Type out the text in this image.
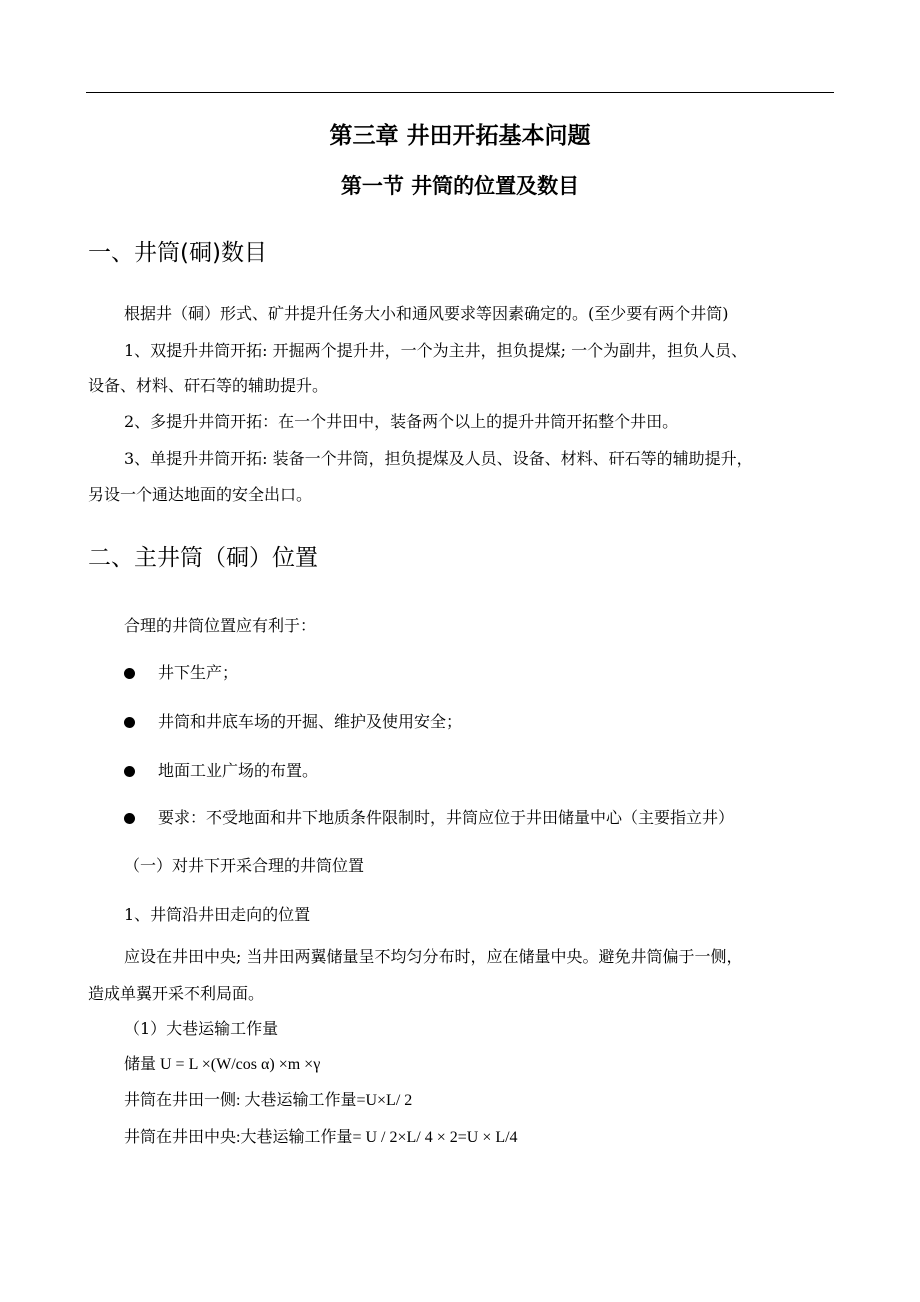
第三章 井田开拓基本问题
第一节 井筒的位置及数目
一、井筒(硐)数目
根据井（硐）形式、矿井提升任务大小和通风要求等因素确定的。(至少要有两个井筒)
1、双提升井筒开拓: 开掘两个提升井，一个为主井，担负提煤; 一个为副井，担负人员、
设备、材料、矸石等的辅助提升。
2、多提升井筒开拓：在一个井田中，装备两个以上的提升井筒开拓整个井田。
3、单提升井筒开拓: 装备一个井筒，担负提煤及人员、设备、材料、矸石等的辅助提升，
另设一个通达地面的安全出口。
二、主井筒（硐）位置
合理的井筒位置应有利于：
井下生产；
井筒和井底车场的开掘、维护及使用安全；
地面工业广场的布置。
要求：不受地面和井下地质条件限制时，井筒应位于井田储量中心（主要指立井）
（一）对井下开采合理的井筒位置
1、井筒沿井田走向的位置
应设在井田中央; 当井田两翼储量呈不均匀分布时，应在储量中央。避免井筒偏于一侧，
造成单翼开采不利局面。
（1）大巷运输工作量
储量 U = L ×(W/cos α) ×m ×γ
井筒在井田一侧: 大巷运输工作量=U×L/ 2
井筒在井田中央:大巷运输工作量= U / 2×L/ 4 × 2=U × L/4
